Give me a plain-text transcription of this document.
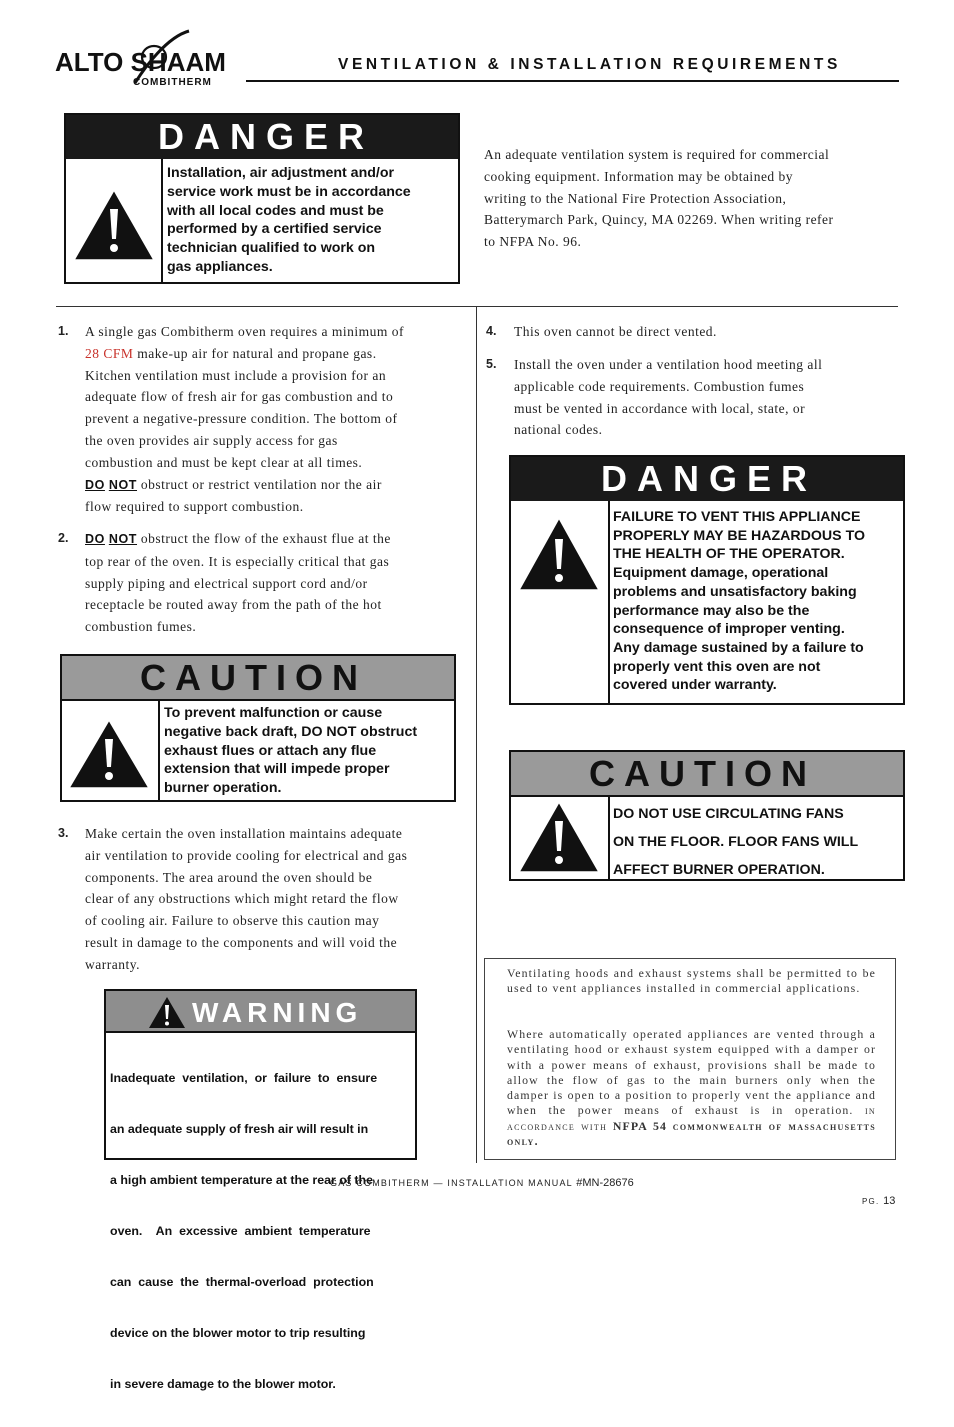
ALTO SHAAM
COMBITHERM
VENTILATION & INSTALLATION REQUIREMENTS
DANGER
Installation, air adjustment and/or
service work must be in accordance
with all local codes and must be
performed by a certified service
technician qualified to work on
gas appliances.
An adequate ventilation system is required for commercial
cooking equipment. Information may be obtained by
writing to the National Fire Protection Association,
Batterymarch Park, Quincy, MA 02269. When writing refer
to NFPA No. 96.
1. A single gas Combitherm oven requires a minimum of
28 CFM make-up air for natural and propane gas.
Kitchen ventilation must include a provision for an
adequate flow of fresh air for gas combustion and to
prevent a negative-pressure condition. The bottom of
the oven provides air supply access for gas
combustion and must be kept clear at all times.
DO NOT obstruct or restrict ventilation nor the air
flow required to support combustion.
2. DO NOT obstruct the flow of the exhaust flue at the
top rear of the oven. It is especially critical that gas
supply piping and electrical support cord and/or
receptacle be routed away from the path of the hot
combustion fumes.
CAUTION
To prevent malfunction or cause
negative back draft, DO NOT obstruct
exhaust flues or attach any flue
extension that will impede proper
burner operation.
3. Make certain the oven installation maintains adequate
air ventilation to provide cooling for electrical and gas
components. The area around the oven should be
clear of any obstructions which might retard the flow
of cooling air. Failure to observe this caution may
result in damage to the components and will void the
warranty.
WARNING

Inadequate  ventilation,  or  failure  to  ensure

an adequate supply of fresh air will result in

a high ambient temperature at the rear of the

oven.    An  excessive  ambient  temperature

can  cause  the  thermal-overload  protection

device on the blower motor to trip resulting

in severe damage to the blower motor.

4. This oven cannot be direct vented.
5. Install the oven under a ventilation hood meeting all
applicable code requirements. Combustion fumes
must be vented in accordance with local, state, or
national codes.
DANGER
FAILURE TO VENT THIS APPLIANCE
PROPERLY MAY BE HAZARDOUS TO
THE HEALTH OF THE OPERATOR.
Equipment damage, operational
problems and unsatisfactory baking
performance may also be the
consequence of improper venting.
Any damage sustained by a failure to
properly vent this oven are not
covered under warranty.
CAUTION
DO NOT USE CIRCULATING FANS
ON THE FLOOR. FLOOR FANS WILL
AFFECT BURNER OPERATION.
Ventilating hoods and exhaust systems shall be permitted to be used to vent appliances installed in commercial applications.
Where automatically operated appliances are vented through a ventilating hood or exhaust system equipped with a damper or with a power means of exhaust, provisions shall be made to allow the flow of gas to the main burners only when the damper is open to a position to properly vent the appliance and when the power means of exhaust is in operation. in accordance with NFPA 54 commonwealth of massachusetts only.
GAS COMBITHERM — INSTALLATION MANUAL #MN-28676
PG. 13
